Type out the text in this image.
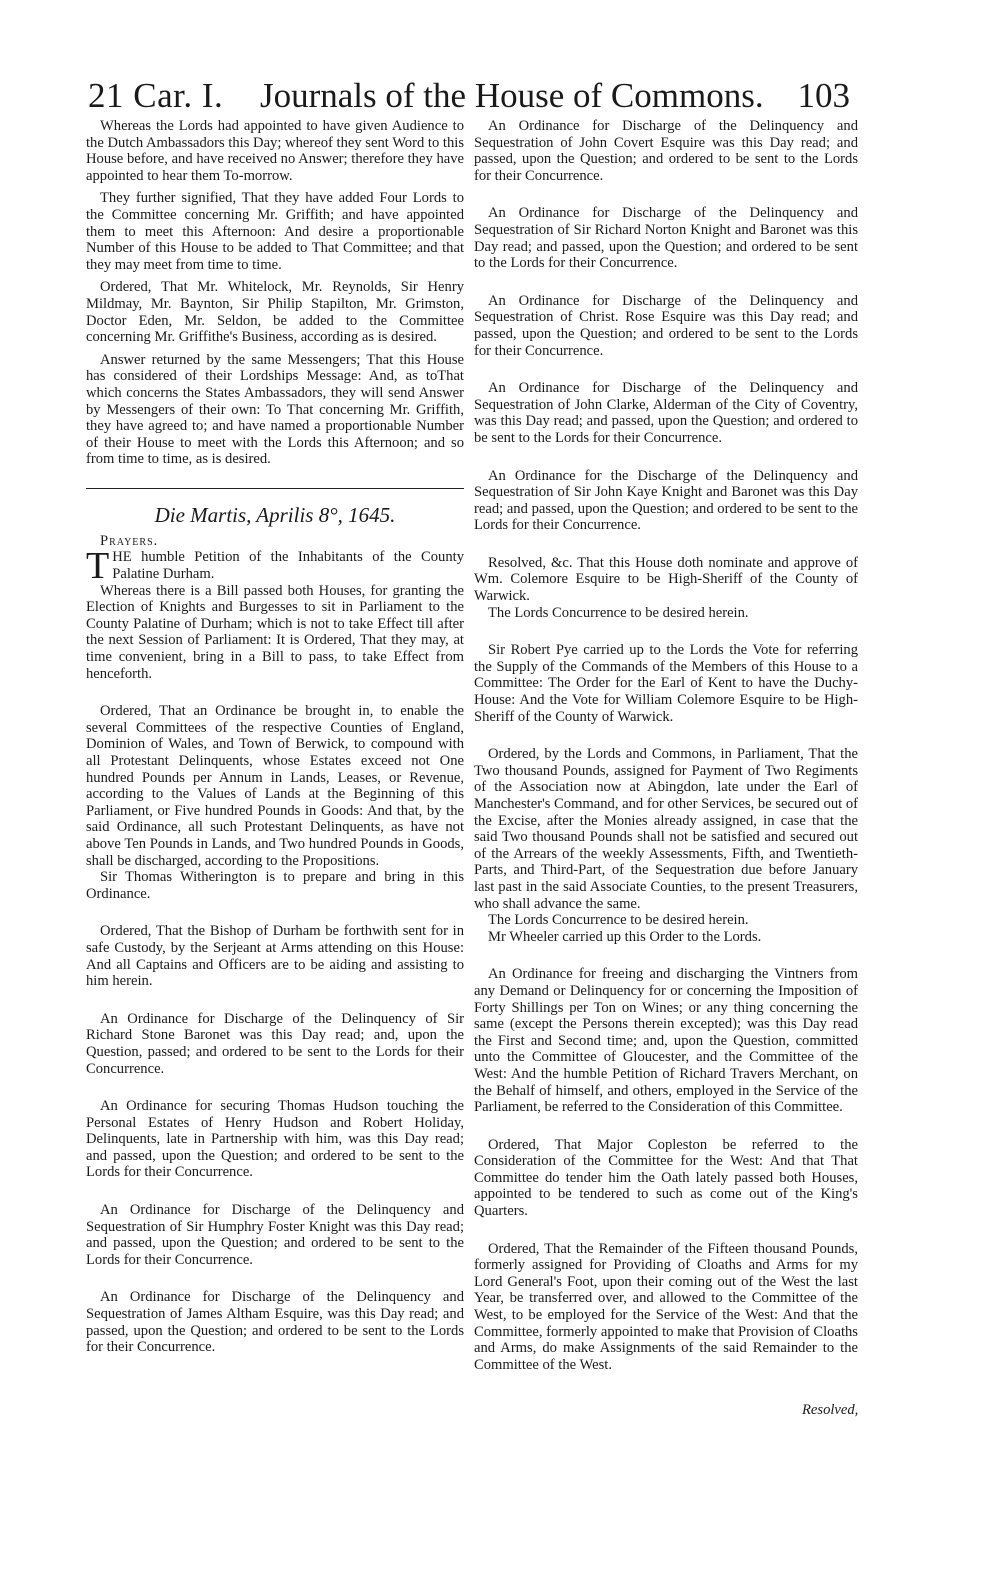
21 Car. I. Journals of the House of Commons. 103

Whereas the Lords had appointed to have given Audience to the Dutch Ambassadors this Day; whereof they sent Word to this House before, and have received no Answer; therefore they have appointed to hear them To-morrow.

They further signified, That they have added Four Lords to the Committee concerning Mr. Griffith; and have appointed them to meet this Afternoon: And desire a proportionable Number of this House to be added to That Committee; and that they may meet from time to time.

Ordered, That Mr. Whitelock, Mr. Reynolds, Sir Henry Mildmay, Mr. Baynton, Sir Philip Stapilton, Mr. Grimston, Doctor Eden, Mr. Seldon, be added to the Committee concerning Mr. Griffithe's Business, according as is desired.

Answer returned by the same Messengers; That this House has considered of their Lordships Message: And, as toThat which concerns the States Ambassadors, they will send Answer by Messengers of their own: To That concerning Mr. Griffith, they have agreed to; and have named a proportionable Number of their House to meet with the Lords this Afternoon; and so from time to time, as is desired.

Die Martis, Aprilis 8°, 1645.

Prayers.

THE humble Petition of the Inhabitants of the County Palatine Durham.

Whereas there is a Bill passed both Houses, for granting the Election of Knights and Burgesses to sit in Parliament to the County Palatine of Durham; which is not to take Effect till after the next Session of Parliament: It is Ordered, That they may, at time convenient, bring in a Bill to pass, to take Effect from henceforth.

Ordered, That an Ordinance be brought in, to enable the several Committees of the respective Counties of England, Dominion of Wales, and Town of Berwick, to compound with all Protestant Delinquents, whose Estates exceed not One hundred Pounds per Annum in Lands, Leases, or Revenue, according to the Values of Lands at the Beginning of this Parliament, or Five hundred Pounds in Goods: And that, by the said Ordinance, all such Protestant Delinquents, as have not above Ten Pounds in Lands, and Two hundred Pounds in Goods, shall be discharged, according to the Propositions.

Sir Thomas Witherington is to prepare and bring in this Ordinance.

Ordered, That the Bishop of Durham be forthwith sent for in safe Custody, by the Serjeant at Arms attending on this House: And all Captains and Officers are to be aiding and assisting to him herein.

An Ordinance for Discharge of the Delinquency of Sir Richard Stone Baronet was this Day read; and, upon the Question, passed; and ordered to be sent to the Lords for their Concurrence.

An Ordinance for securing Thomas Hudson touching the Personal Estates of Henry Hudson and Robert Holiday, Delinquents, late in Partnership with him, was this Day read; and passed, upon the Question; and ordered to be sent to the Lords for their Concurrence.

An Ordinance for Discharge of the Delinquency and Sequestration of Sir Humphry Foster Knight was this Day read; and passed, upon the Question; and ordered to be sent to the Lords for their Concurrence.

An Ordinance for Discharge of the Delinquency and Sequestration of James Altham Esquire, was this Day read; and passed, upon the Question; and ordered to be sent to the Lords for their Concurrence.

An Ordinance for Discharge of the Delinquency and Sequestration of John Covert Esquire was this Day read; and passed, upon the Question; and ordered to be sent to the Lords for their Concurrence.

An Ordinance for Discharge of the Delinquency and Sequestration of Sir Richard Norton Knight and Baronet was this Day read; and passed, upon the Question; and ordered to be sent to the Lords for their Concurrence.

An Ordinance for Discharge of the Delinquency and Sequestration of Christ. Rose Esquire was this Day read; and passed, upon the Question; and ordered to be sent to the Lords for their Concurrence.

An Ordinance for Discharge of the Delinquency and Sequestration of John Clarke, Alderman of the City of Coventry, was this Day read; and passed, upon the Question; and ordered to be sent to the Lords for their Concurrence.

An Ordinance for the Discharge of the Delinquency and Sequestration of Sir John Kaye Knight and Baronet was this Day read; and passed, upon the Question; and ordered to be sent to the Lords for their Concurrence.

Resolved, &c. That this House doth nominate and approve of Wm. Colemore Esquire to be High-Sheriff of the County of Warwick.

The Lords Concurrence to be desired herein.

Sir Robert Pye carried up to the Lords the Vote for referring the Supply of the Commands of the Members of this House to a Committee: The Order for the Earl of Kent to have the Duchy-House: And the Vote for William Colemore Esquire to be High-Sheriff of the County of Warwick.

Ordered, by the Lords and Commons, in Parliament, That the Two thousand Pounds, assigned for Payment of Two Regiments of the Association now at Abingdon, late under the Earl of Manchester's Command, and for other Services, be secured out of the Excise, after the Monies already assigned, in case that the said Two thousand Pounds shall not be satisfied and secured out of the Arrears of the weekly Assessments, Fifth, and Twentieth-Parts, and Third-Part, of the Sequestration due before January last past in the said Associate Counties, to the present Treasurers, who shall advance the same.

The Lords Concurrence to be desired herein.

Mr Wheeler carried up this Order to the Lords.

An Ordinance for freeing and discharging the Vintners from any Demand or Delinquency for or concerning the Imposition of Forty Shillings per Ton on Wines; or any thing concerning the same (except the Persons therein excepted); was this Day read the First and Second time; and, upon the Question, committed unto the Committee of Gloucester, and the Committee of the West: And the humble Petition of Richard Travers Merchant, on the Behalf of himself, and others, employed in the Service of the Parliament, be referred to the Consideration of this Committee.

Ordered, That Major Copleston be referred to the Consideration of the Committee for the West: And that That Committee do tender him the Oath lately passed both Houses, appointed to be tendered to such as come out of the King's Quarters.

Ordered, That the Remainder of the Fifteen thousand Pounds, formerly assigned for Providing of Cloaths and Arms for my Lord General's Foot, upon their coming out of the West the last Year, be transferred over, and allowed to the Committee of the West, to be employed for the Service of the West: And that the Committee, formerly appointed to make that Provision of Cloaths and Arms, do make Assignments of the said Remainder to the Committee of the West.

Resolved,
